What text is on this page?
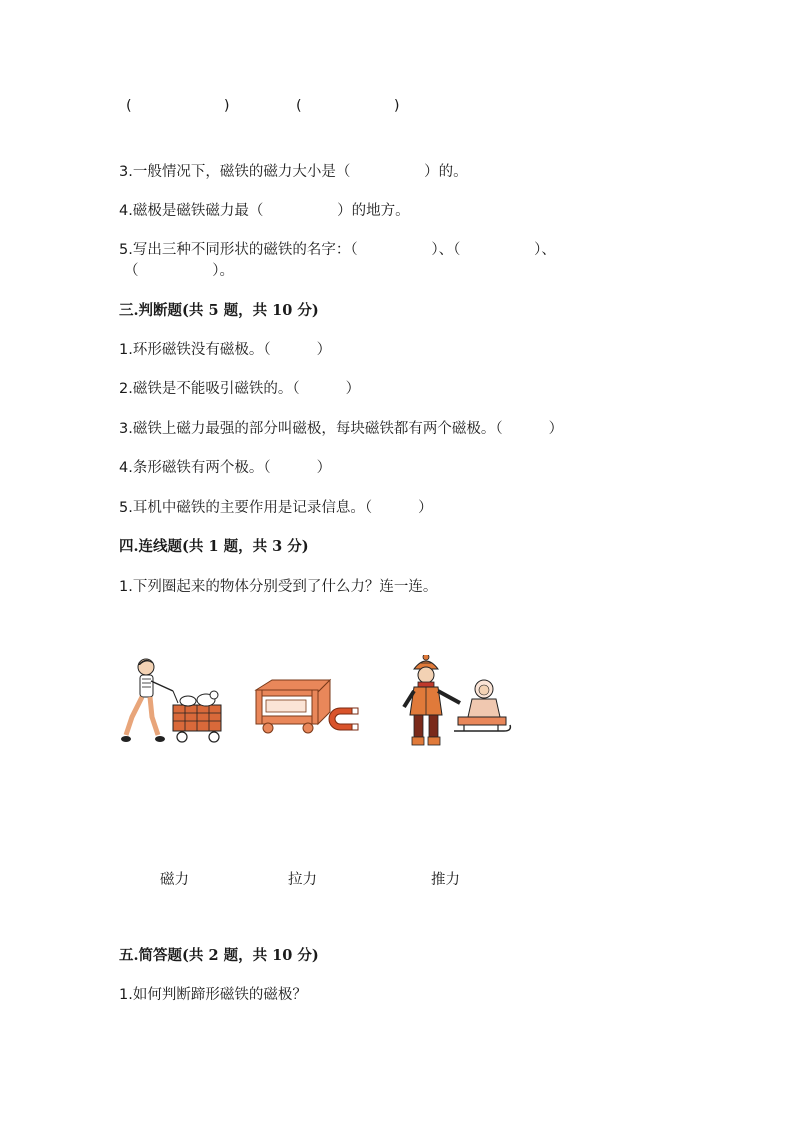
(                    )	(                    )
3.一般情况下，磁铁的磁力大小是（                ）的。
4.磁极是磁铁磁力最（                ）的地方。
5.写出三种不同形状的磁铁的名字：（                ）、（                ）、
（                ）。
三.判断题(共 5 题，共 10 分)
1.环形磁铁没有磁极。（          ）
2.磁铁是不能吸引磁铁的。（          ）
3.磁铁上磁力最强的部分叫磁极，每块磁铁都有两个磁极。（          ）
4.条形磁铁有两个极。（          ）
5.耳机中磁铁的主要作用是记录信息。（          ）
四.连线题(共 1 题，共 3 分)
1.下列圈起来的物体分别受到了什么力？连一连。
磁力	拉力	推力
五.简答题(共 2 题，共 10 分)
1.如何判断蹄形磁铁的磁极？
